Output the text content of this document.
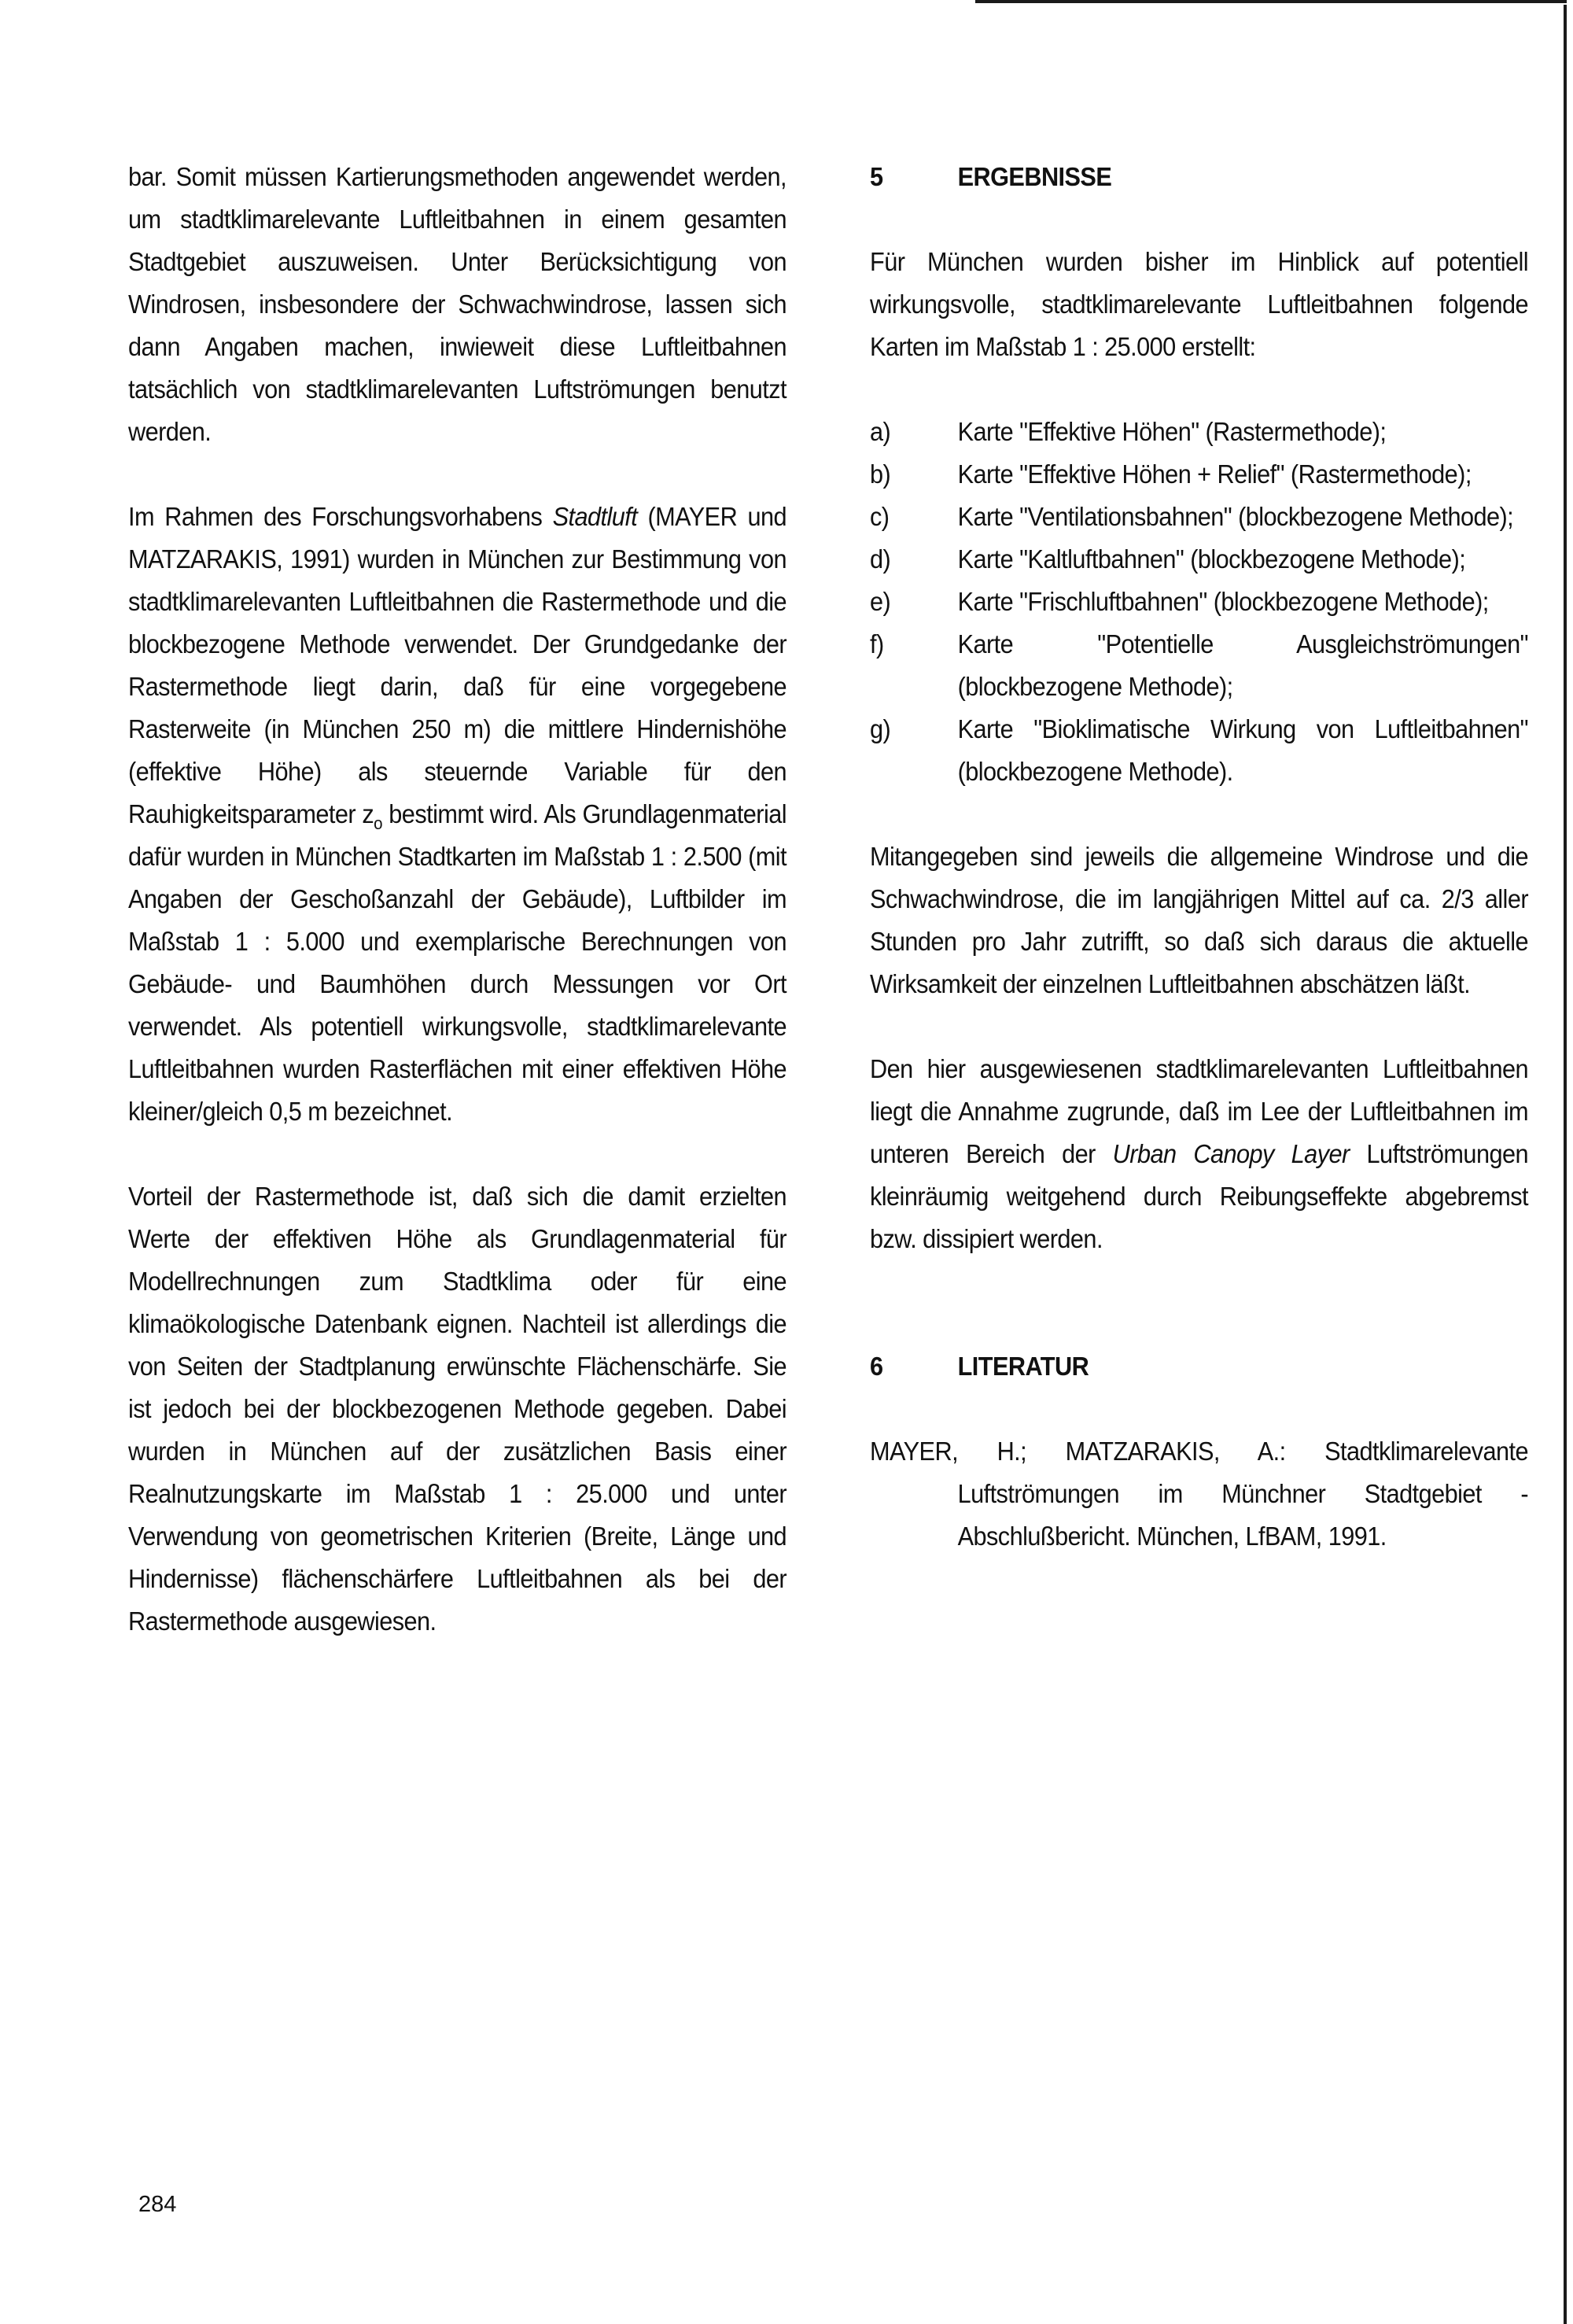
bar. Somit müssen Kartierungsmethoden angewendet werden, um stadtklimarelevante Luftleitbahnen in einem gesamten Stadtgebiet auszuweisen. Unter Berücksichtigung von Windrosen, insbesondere der Schwachwindrose, lassen sich dann Angaben machen, inwieweit diese Luftleitbahnen tatsächlich von stadtklimarelevanten Luftströmungen benutzt werden.

Im Rahmen des Forschungsvorhabens Stadtluft (MAYER und MATZARAKIS, 1991) wurden in München zur Bestimmung von stadtklimarelevanten Luftleitbahnen die Rastermethode und die blockbezogene Methode verwendet. Der Grundgedanke der Rastermethode liegt darin, daß für eine vorgegebene Rasterweite (in München 250 m) die mittlere Hindernishöhe (effektive Höhe) als steuernde Variable für den Rauhigkeitsparameter $z_o$ bestimmt wird. Als Grundlagenmaterial dafür wurden in München Stadtkarten im Maßstab 1 : 2.500 (mit Angaben der Geschoßanzahl der Gebäude), Luftbilder im Maßstab 1 : 5.000 und exemplarische Berechnungen von Gebäude- und Baumhöhen durch Messungen vor Ort verwendet. Als potentiell wirkungsvolle, stadtklimarelevante Luftleitbahnen wurden Rasterflächen mit einer effektiven Höhe kleiner/gleich 0,5 m bezeichnet.

Vorteil der Rastermethode ist, daß sich die damit erzielten Werte der effektiven Höhe als Grundlagenmaterial für Modellrechnungen zum Stadtklima oder für eine klimaökologische Datenbank eignen. Nachteil ist allerdings die von Seiten der Stadtplanung erwünschte Flächenschärfe. Sie ist jedoch bei der blockbezogenen Methode gegeben. Dabei wurden in München auf der zusätzlichen Basis einer Realnutzungskarte im Maßstab 1 : 25.000 und unter Verwendung von geometrischen Kriterien (Breite, Länge und Hindernisse) flächenschärfere Luftleitbahnen als bei der Rastermethode ausgewiesen.

5	ERGEBNISSE

Für München wurden bisher im Hinblick auf potentiell wirkungsvolle, stadtklimarelevante Luftleitbahnen folgende Karten im Maßstab 1 : 25.000 erstellt:

a)	Karte "Effektive Höhen" (Rastermethode);
b)	Karte "Effektive Höhen + Relief" (Rastermethode);
c)	Karte "Ventilationsbahnen" (blockbezogene Methode);
d)	Karte "Kaltluftbahnen" (blockbezogene Methode);
e)	Karte "Frischluftbahnen" (blockbezogene Methode);
f)	Karte "Potentielle Ausgleichströmungen" (blockbezogene Methode);
g)	Karte "Bioklimatische Wirkung von Luftleitbahnen" (blockbezogene Methode).

Mitangegeben sind jeweils die allgemeine Windrose und die Schwachwindrose, die im langjährigen Mittel auf ca. 2/3 aller Stunden pro Jahr zutrifft, so daß sich daraus die aktuelle Wirksamkeit der einzelnen Luftleitbahnen abschätzen läßt.

Den hier ausgewiesenen stadtklimarelevanten Luftleitbahnen liegt die Annahme zugrunde, daß im Lee der Luftleitbahnen im unteren Bereich der Urban Canopy Layer Luftströmungen kleinräumig weitgehend durch Reibungseffekte abgebremst bzw. dissipiert werden.

6	LITERATUR

MAYER, H.; MATZARAKIS, A.: Stadtklimarelevante Luftströmungen im Münchner Stadtgebiet - Abschlußbericht. München, LfBAM, 1991.

284
